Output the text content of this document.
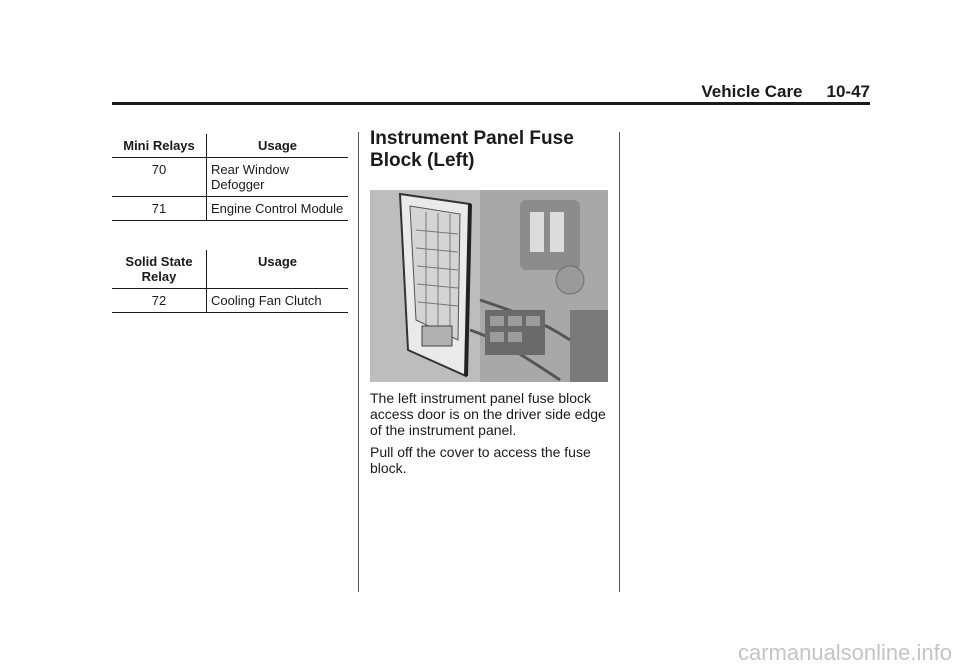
Vehicle Care 10-47
Mini Relays	Usage
70	Rear Window Defogger
71	Engine Control Module
Solid State Relay	Usage
72	Cooling Fan Clutch
Instrument Panel Fuse Block (Left)

The left instrument panel fuse block access door is on the driver side edge of the instrument panel.

Pull off the cover to access the fuse block.

carmanualsonline.info
